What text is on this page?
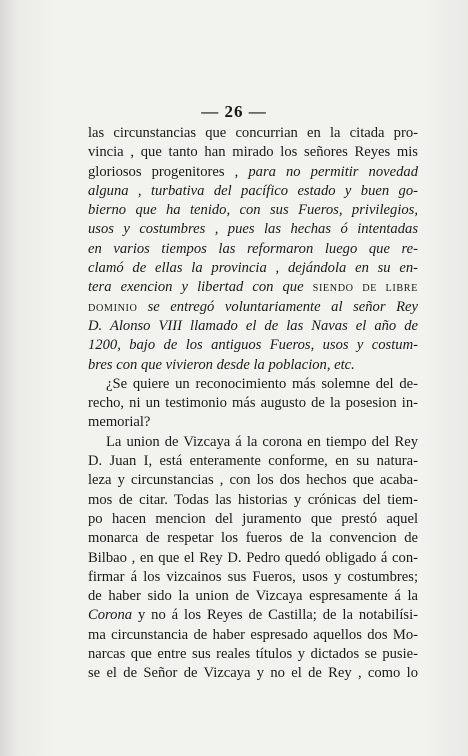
— 26 —
las circunstancias que concurrian en la citada pro-
vincia , que tanto han mirado los señores Reyes mis
gloriosos progenitores , para no permitir novedad
alguna , turbativa del pacífico estado y buen go-
bierno que ha tenido, con sus Fueros, privilegios,
usos y costumbres , pues las hechas ó intentadas
en varios tiempos las reformaron luego que re-
clamó de ellas la provincia , dejándola en su en-
tera exencion y libertad con que SIENDO DE LIBRE
DOMINIO se entregó voluntariamente al señor Rey
D. Alonso VIII llamado el de las Navas el año de
1200, bajo de los antiguos Fueros, usos y costum-
bres con que vivieron desde la poblacion, etc.
¿Se quiere un reconocimiento más solemne del de-
recho, ni un testimonio más augusto de la posesion in-
memorial?
La union de Vizcaya á la corona en tiempo del Rey
D. Juan I, está enteramente conforme, en su natura-
leza y circunstancias , con los dos hechos que acaba-
mos de citar. Todas las historias y crónicas del tiem-
po hacen mencion del juramento que prestó aquel
monarca de respetar los fueros de la convencion de
Bilbao , en que el Rey D. Pedro quedó obligado á con-
firmar á los vizcainos sus Fueros, usos y costumbres;
de haber sido la union de Vizcaya espresamente á la
Corona y no á los Reyes de Castilla; de la notabilísi-
ma circunstancia de haber espresado aquellos dos Mo-
narcas que entre sus reales títulos y dictados se pusie-
se el de Señor de Vizcaya y no el de Rey , como lo
